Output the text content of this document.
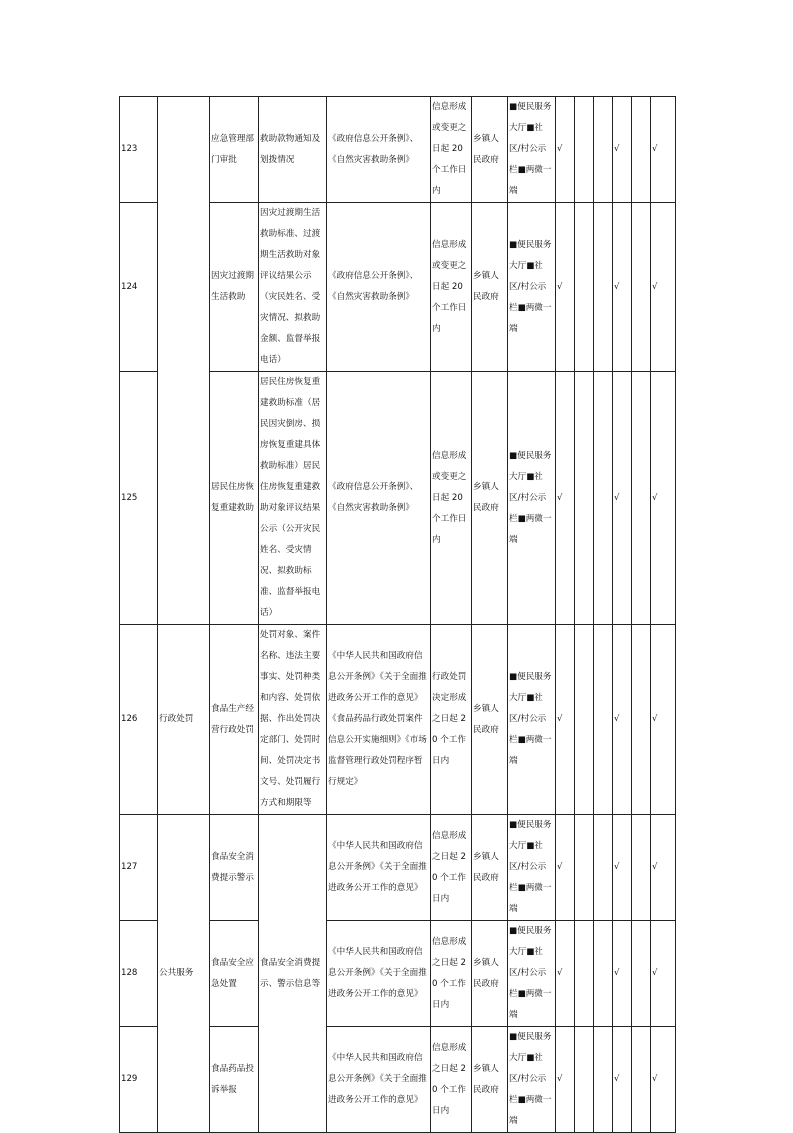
123		应急管理部门审批	救助款物通知及划拨情况	《政府信息公开条例》、《自然灾害救助条例》	信息形成或变更之日起 20 个工作日内	乡镇人民政府	■便民服务大厅■社区/村公示栏■两微一端	√			√		√
124		因灾过渡期生活救助	因灾过渡期生活救助标准、过渡期生活救助对象评议结果公示（灾民姓名、受灾情况、拟救助金额、监督举报电话）	《政府信息公开条例》、《自然灾害救助条例》	信息形成或变更之日起 20 个工作日内	乡镇人民政府	■便民服务大厅■社区/村公示栏■两微一端	√			√		√
125		居民住房恢复重建救助	居民住房恢复重建救助标准（居民因灾倒房、损房恢复重建具体救助标准）居民住房恢复重建救助对象评议结果公示（公开灾民姓名、受灾情况、拟救助标准、监督举报电话）	《政府信息公开条例》、《自然灾害救助条例》	信息形成或变更之日起 20 个工作日内	乡镇人民政府	■便民服务大厅■社区/村公示栏■两微一端	√			√		√
126	行政处罚	食品生产经营行政处罚	处罚对象、案件名称、违法主要事实、处罚种类和内容、处罚依据、作出处罚决定部门、处罚时间、处罚决定书文号、处罚履行方式和期限等	《中华人民共和国政府信息公开条例》《关于全面推进政务公开工作的意见》《食品药品行政处罚案件信息公开实施细则》《市场监督管理行政处罚程序暂行规定》	行政处罚决定形成之日起 20 个工作日内	乡镇人民政府	■便民服务大厅■社区/村公示栏■两微一端	√			√		√
127	公共服务	食品安全消费提示警示	食品安全消费提示、警示信息等	《中华人民共和国政府信息公开条例》《关于全面推进政务公开工作的意见》	信息形成之日起 20 个工作日内	乡镇人民政府	■便民服务大厅■社区/村公示栏■两微一端	√			√		√
128		食品安全应急处置		《中华人民共和国政府信息公开条例》《关于全面推进政务公开工作的意见》	信息形成之日起 20 个工作日内	乡镇人民政府	■便民服务大厅■社区/村公示栏■两微一端	√			√		√
129		食品药品投诉举报		《中华人民共和国政府信息公开条例》《关于全面推进政务公开工作的意见》	信息形成之日起 20 个工作日内	乡镇人民政府	■便民服务大厅■社区/村公示栏■两微一端	√			√		√
